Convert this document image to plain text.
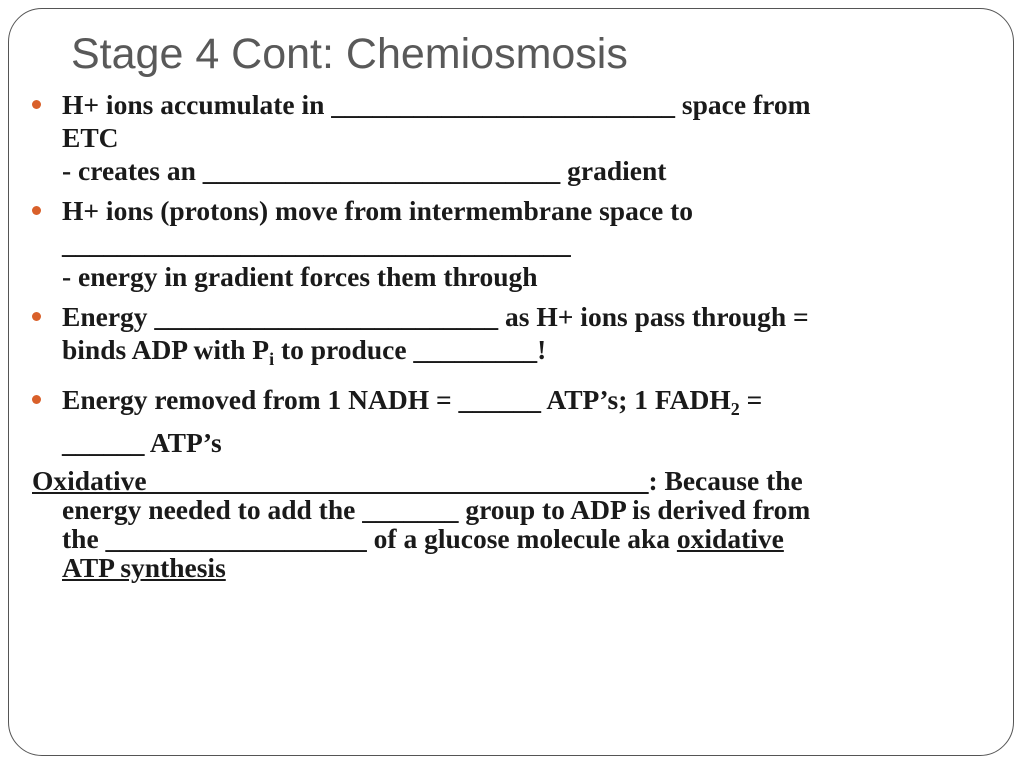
Stage 4 Cont: Chemiosmosis
H+ ions accumulate in _________________________ space from
ETC
- creates an __________________________ gradient
H+ ions (protons) move from intermembrane space to
_____________________________________
- energy in gradient forces them through
Energy _________________________ as H+ ions pass through =
binds ADP with $P_i$ to produce _________!
Energy removed from 1 NADH = ______ ATP’s; 1 $FADH_2$ =
______ ATP’s
Oxidative ____________________________________: Because the
energy needed to add the _______ group to ADP is derived from
the ___________________ of a glucose molecule aka oxidative
ATP synthesis
